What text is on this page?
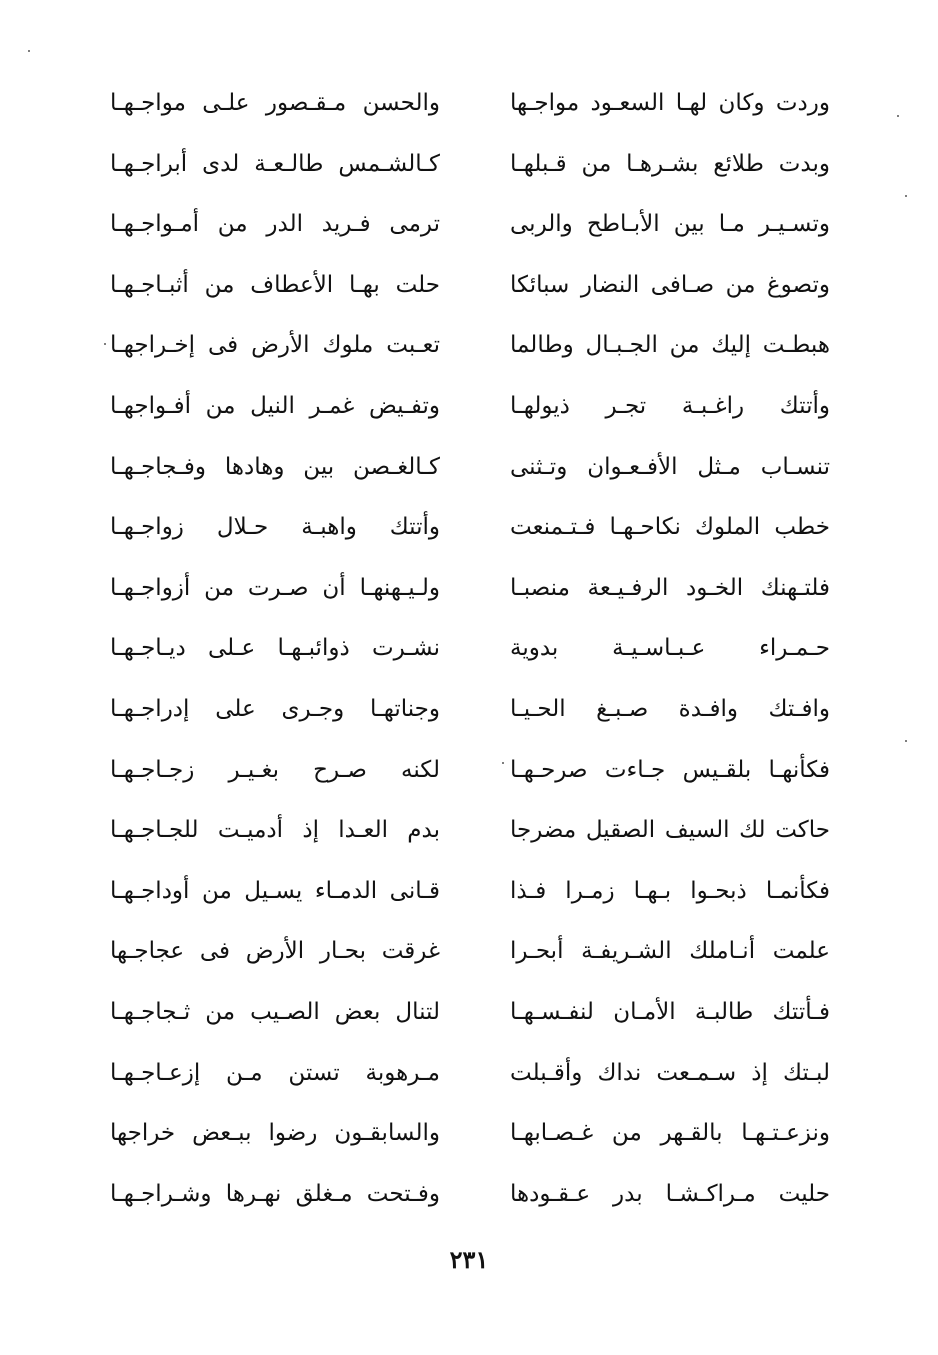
وردت وكان لهـا السعـود مواجـها
والحسن مـقـصور علـى مواجـهـا
وبدت طلائع بشـرهـا من قـبلهـا
كـالشـمس طالـعـة لدى أبراجـهـا
وتسـيـر مـا بين الأبـاطح والربى
ترمى فـريد الدر من أمـواجـهـا
وتصوغ من صـافى النضار سبائكا
حلت بهـا الأعطاف من أثبـاجـهـا
هبطـت إليك من الجـبـال وطالما
تعـبت ملوك الأرض فى إخـراجهـا
وأتتك راغـبـة تجـر ذيولهـا
وتفـيض غمـر النيل من أفـواجهـا
تنسـاب مـثل الأفـعـوان وتـثنى
كـالغـصن بين وهادها وفـجاجـهـا
خطب الملوك نكاحـهـا فـتـمنعت
وأتتك واهبـة حـلال زواجـهـا
فلتـهنك الخـود الرفـيـعة منصبـا
ولـيـهنهـا أن صـرت من أزواجـهـا
حـمـراء عـبـاسـيـة بدوية
نشـرت ذوائبـهـا عـلى ديـاجـهـا
وافـتك وافـدة صـبـغ الحـيـا
وجناتهـا وجـرى على إدراجـهـا
فكأنهـا بلقـيس جـاءت صرحـهـا
لكنه صـرح بغـيـر زجـاجـهـا
حاكت لك السيف الصقيل مضرجا
بدم العـدا إذ أدميـت للجـاجـهـا
فكأنمـا ذبحـوا بـهـا زمـرا فـذا
قـانى الدمـاء يسـيل من أوداجـهـا
علمت أنـاملك الشـريفـة أبحـرا
غرقت بحـار الأرض فى عجاجـها
فـأتتك طالبـة الأمـان لنفـسـهـا
لتنال بعض الصـيب من ثـجاجـهـا
لبـتك إذ سـمـعت نداك وأقـبلت
مـرهوبة تستن مـن إزعـاجـهـا
ونزعـتـهـا بالقـهر من غـصـابهـا
والسابقـون رضوا ببـعض خراجها
حليت مـراكـشـا بدر عـقـودها
وفـتحت مـغلق نهـرها وشـراجـهـا
٢٣١
